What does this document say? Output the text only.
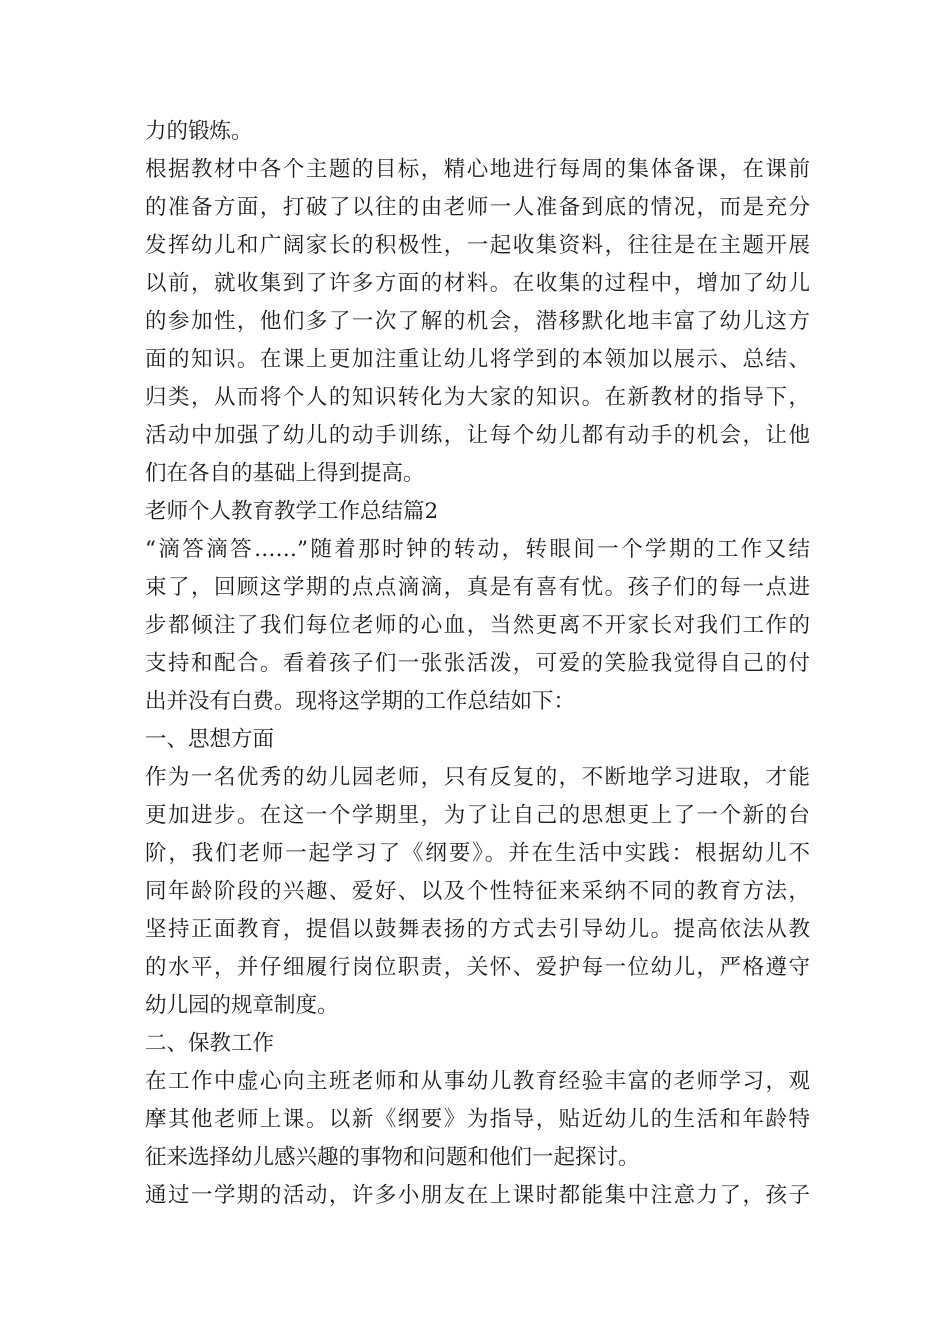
力的锻炼。
根据教材中各个主题的目标，精心地进行每周的集体备课，在课前
的准备方面，打破了以往的由老师一人准备到底的情况，而是充分
发挥幼儿和广阔家长的积极性，一起收集资料，往往是在主题开展
以前，就收集到了许多方面的材料。在收集的过程中，增加了幼儿
的参加性，他们多了一次了解的机会，潜移默化地丰富了幼儿这方
面的知识。在课上更加注重让幼儿将学到的本领加以展示、总结、
归类，从而将个人的知识转化为大家的知识。在新教材的指导下，
活动中加强了幼儿的动手训练，让每个幼儿都有动手的机会，让他
们在各自的基础上得到提高。
老师个人教育教学工作总结篇2
“滴答滴答……”随着那时钟的转动，转眼间一个学期的工作又结
束了，回顾这学期的点点滴滴，真是有喜有忧。孩子们的每一点进
步都倾注了我们每位老师的心血，当然更离不开家长对我们工作的
支持和配合。看着孩子们一张张活泼，可爱的笑脸我觉得自己的付
出并没有白费。现将这学期的工作总结如下：
一、思想方面
作为一名优秀的幼儿园老师，只有反复的，不断地学习进取，才能
更加进步。在这一个学期里，为了让自己的思想更上了一个新的台
阶，我们老师一起学习了《纲要》。并在生活中实践：根据幼儿不
同年龄阶段的兴趣、爱好、以及个性特征来采纳不同的教育方法，
坚持正面教育，提倡以鼓舞表扬的方式去引导幼儿。提高依法从教
的水平，并仔细履行岗位职责，关怀、爱护每一位幼儿，严格遵守
幼儿园的规章制度。
二、保教工作
在工作中虚心向主班老师和从事幼儿教育经验丰富的老师学习，观
摩其他老师上课。以新《纲要》为指导，贴近幼儿的生活和年龄特
征来选择幼儿感兴趣的事物和问题和他们一起探讨。
通过一学期的活动，许多小朋友在上课时都能集中注意力了，孩子
